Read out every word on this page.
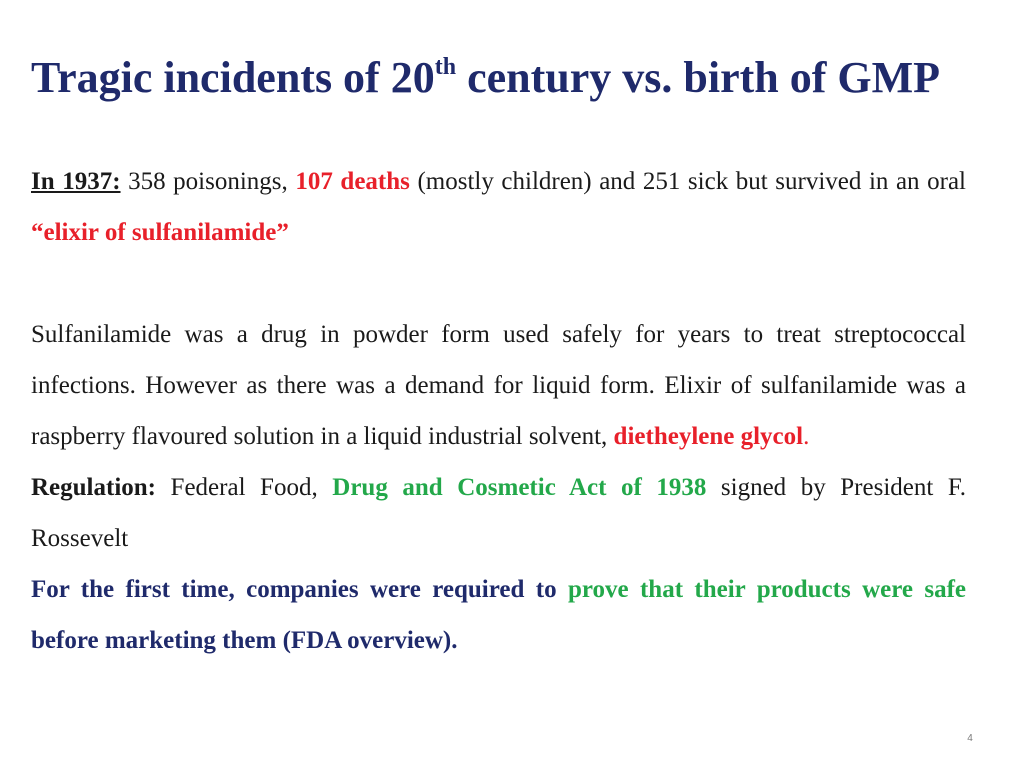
Tragic incidents of 20th century vs. birth of GMP

In 1937: 358 poisonings, 107 deaths (mostly children) and 251 sick but survived in an oral “elixir of sulfanilamide”

Sulfanilamide was a drug in powder form used safely for years to treat streptococcal infections. However as there was a demand for liquid form. Elixir of sulfanilamide was a raspberry flavoured solution in a liquid industrial solvent, dietheylene glycol.

Regulation: Federal Food, Drug and Cosmetic Act of 1938 signed by President F. Rossevelt

For the first time, companies were required to prove that their products were safe before marketing them (FDA overview).

4
